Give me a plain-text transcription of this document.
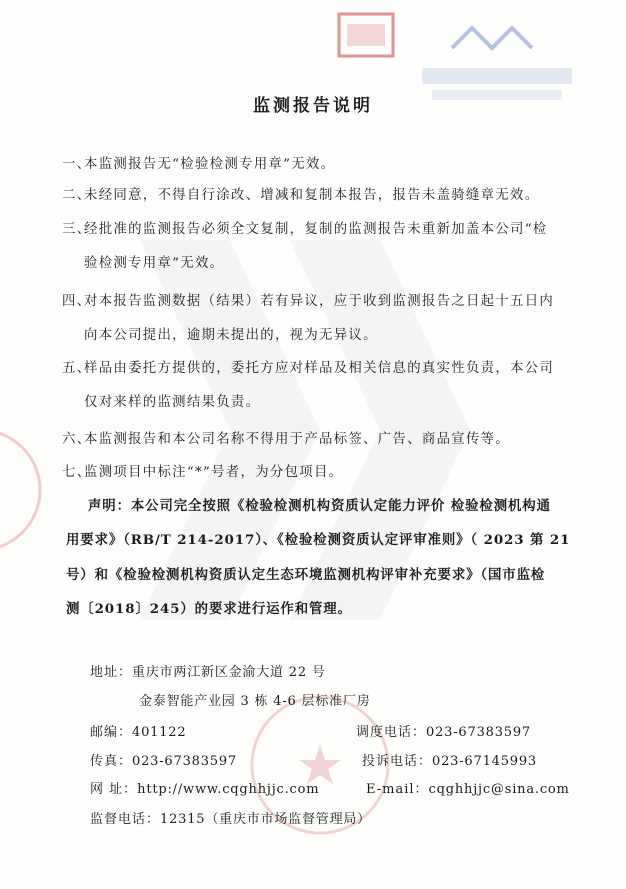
监测报告说明
一、本监测报告无“检验检测专用章”无效。
二、未经同意，不得自行涂改、增减和复制本报告，报告未盖骑缝章无效。
三、经批准的监测报告必须全文复制，复制的监测报告未重新加盖本公司“检
验检测专用章”无效。
四、对本报告监测数据（结果）若有异议，应于收到监测报告之日起十五日内
向本公司提出，逾期未提出的，视为无异议。
五、样品由委托方提供的，委托方应对样品及相关信息的真实性负责，本公司
仅对来样的监测结果负责。
六、本监测报告和本公司名称不得用于产品标签、广告、商品宣传等。
七、监测项目中标注“*”号者，为分包项目。
声明：本公司完全按照《检验检测机构资质认定能力评价 检验检测机构通
用要求》（RB/T 214-2017）、《检验检测资质认定评审准则》（ 2023 第 21
号）和《检验检测机构资质认定生态环境监测机构评审补充要求》（国市监检
测〔2018〕245）的要求进行运作和管理。
地址：重庆市两江新区金渝大道 22 号
金泰智能产业园 3 栋 4-6 层标准厂房
邮编：401122	调度电话：023-67383597
传真：023-67383597	投诉电话：023-67145993
网 址：http://www.cqghhjjc.com	E-mail：cqghhjjc@sina.com
监督电话：12315（重庆市市场监督管理局）
